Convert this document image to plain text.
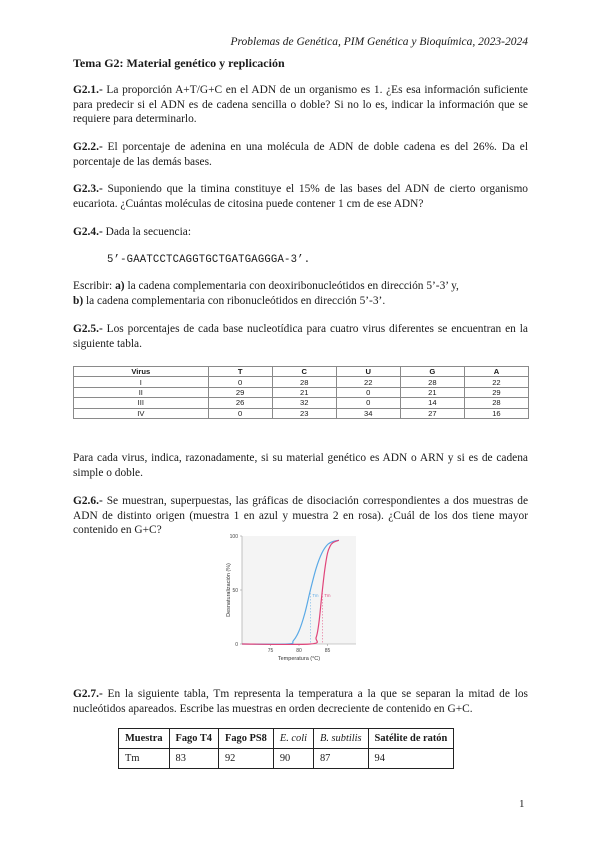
Problemas de Genética, PIM Genética y Bioquímica, 2023-2024
Tema G2: Material genético y replicación
G2.1.- La proporción A+T/G+C en el ADN de un organismo es 1. ¿Es esa información suficiente para predecir si el ADN es de cadena sencilla o doble? Si no lo es, indicar la información que se requiere para determinarlo.
G2.2.- El porcentaje de adenina en una molécula de ADN de doble cadena es del 26%. Da el porcentaje de las demás bases.
G2.3.- Suponiendo que la timina constituye el 15% de las bases del ADN de cierto organismo eucariota. ¿Cuántas moléculas de citosina puede contener 1 cm de ese ADN?
G2.4.- Dada la secuencia:
5’-GAATCCTCAGGTGCTGATGAGGGA-3’.
Escribir: a) la cadena complementaria con deoxiribonucleótidos en dirección 5’-3’ y,
b) la cadena complementaria con ribonucleótidos en dirección 5’-3’.
G2.5.- Los porcentajes de cada base nucleotídica para cuatro virus diferentes se encuentran en la siguiente tabla.
Virus	T	C	U	G	A
I	0	28	22	28	22
II	29	21	0	21	29
III	26	32	0	14	28
IV	0	23	34	27	16
Para cada virus, indica, razonadamente, si su material genético es ADN o ARN y si es de cadena simple o doble.
G2.6.- Se muestran, superpuestas, las gráficas de disociación correspondientes a dos muestras de ADN de distinto origen (muestra 1 en azul y muestra 2 en rosa). ¿Cuál de los dos tiene mayor contenido en G+C?
0
50
100
75	80	85
Temperatura (°C)
Desnaturalización (%)	Tm Tm
G2.7.- En la siguiente tabla, Tm representa la temperatura a la que se separan la mitad de los nucleótidos apareados. Escribe las muestras en orden decreciente de contenido en G+C.
Muestra	Fago T4	Fago PS8	E. coli	B. subtilis	Satélite de ratón
Tm	83	92	90	87	94
1
